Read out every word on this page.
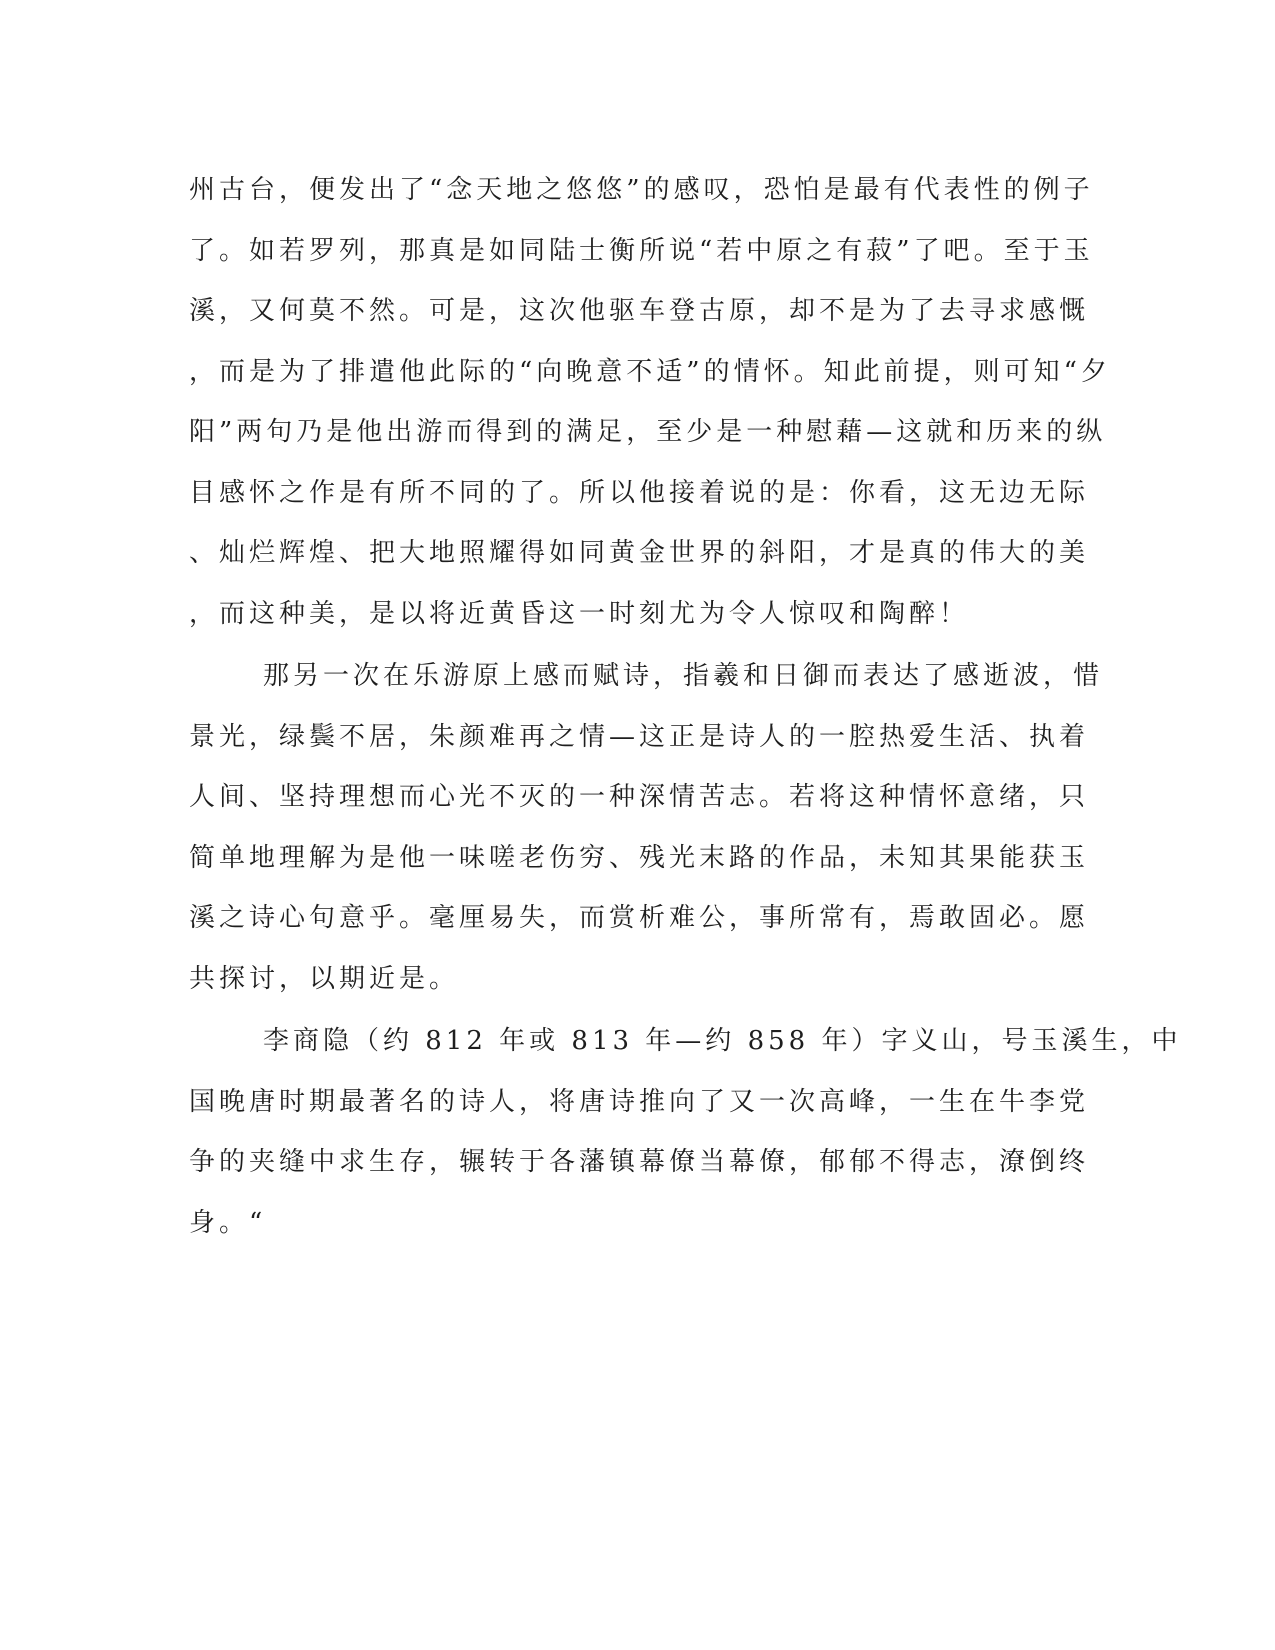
州古台，便发出了“念天地之悠悠”的感叹，恐怕是最有代表性的例子
了。如若罗列，那真是如同陆士衡所说“若中原之有菽”了吧。至于玉
溪，又何莫不然。可是，这次他驱车登古原，却不是为了去寻求感慨
，而是为了排遣他此际的“向晚意不适”的情怀。知此前提，则可知“夕
阳”两句乃是他出游而得到的满足，至少是一种慰藉—这就和历来的纵
目感怀之作是有所不同的了。所以他接着说的是：你看，这无边无际
、灿烂辉煌、把大地照耀得如同黄金世界的斜阳，才是真的伟大的美
，而这种美，是以将近黄昏这一时刻尤为令人惊叹和陶醉！
那另一次在乐游原上感而赋诗，指羲和日御而表达了感逝波，惜
景光，绿鬓不居，朱颜难再之情—这正是诗人的一腔热爱生活、执着
人间、坚持理想而心光不灭的一种深情苦志。若将这种情怀意绪，只
简单地理解为是他一味嗟老伤穷、残光末路的作品，未知其果能获玉
溪之诗心句意乎。毫厘易失，而赏析难公，事所常有，焉敢固必。愿
共探讨，以期近是。
李商隐（约 812 年或 813 年—约 858 年）字义山，号玉溪生，中
国晚唐时期最著名的诗人，将唐诗推向了又一次高峰，一生在牛李党
争的夹缝中求生存，辗转于各藩镇幕僚当幕僚，郁郁不得志，潦倒终
身。“
